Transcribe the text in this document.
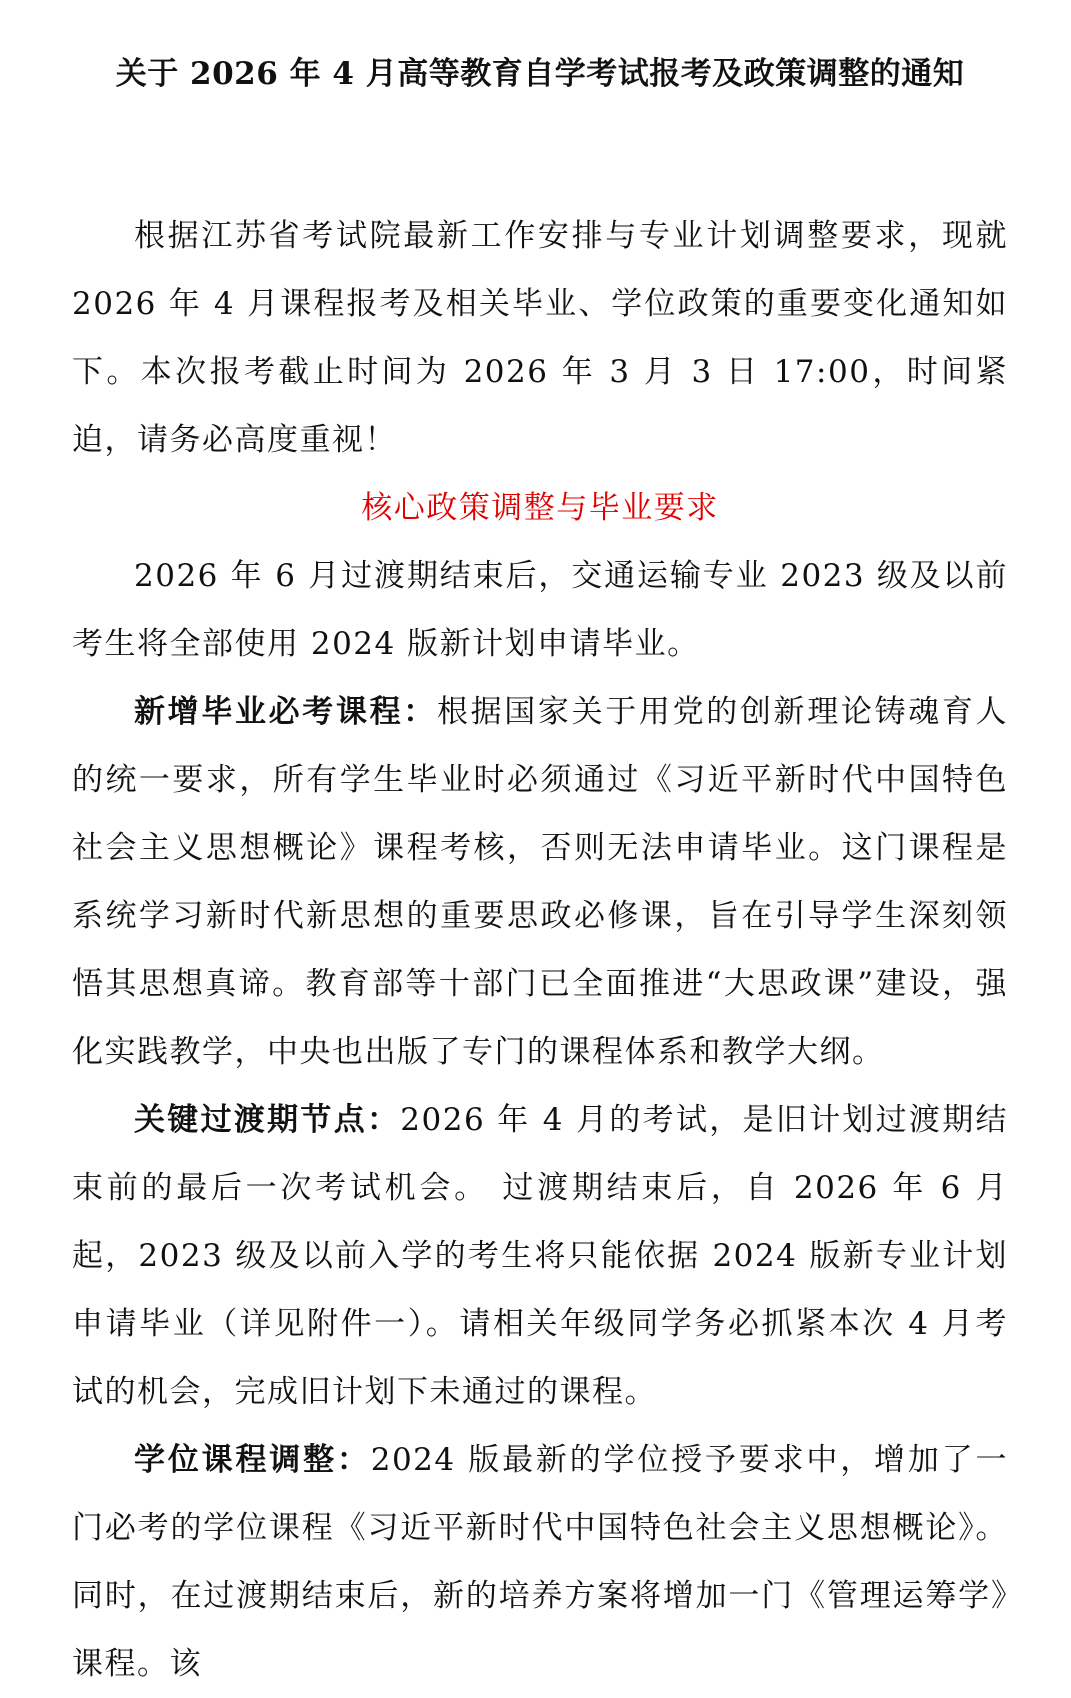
关于 2026 年 4 月高等教育自学考试报考及政策调整的通知

根据江苏省考试院最新工作安排与专业计划调整要求，现就 2026 年 4 月课程报考及相关毕业、学位政策的重要变化通知如下。本次报考截止时间为 2026 年 3 月 3 日 17:00，时间紧迫，请务必高度重视！

核心政策调整与毕业要求

2026 年 6 月过渡期结束后，交通运输专业 2023 级及以前考生将全部使用 2024 版新计划申请毕业。

新增毕业必考课程：根据国家关于用党的创新理论铸魂育人的统一要求，所有学生毕业时必须通过《习近平新时代中国特色社会主义思想概论》课程考核，否则无法申请毕业。这门课程是系统学习新时代新思想的重要思政必修课，旨在引导学生深刻领悟其思想真谛。教育部等十部门已全面推进“大思政课”建设，强化实践教学，中央也出版了专门的课程体系和教学大纲。

关键过渡期节点：2026 年 4 月的考试，是旧计划过渡期结束前的最后一次考试机会。 过渡期结束后，自 2026 年 6 月起，2023 级及以前入学的考生将只能依据 2024 版新专业计划申请毕业（详见附件一）。请相关年级同学务必抓紧本次 4 月考试的机会，完成旧计划下未通过的课程。

学位课程调整：2024 版最新的学位授予要求中，增加了一门必考的学位课程《习近平新时代中国特色社会主义思想概论》。同时，在过渡期结束后，新的培养方案将增加一门《管理运筹学》课程。该
